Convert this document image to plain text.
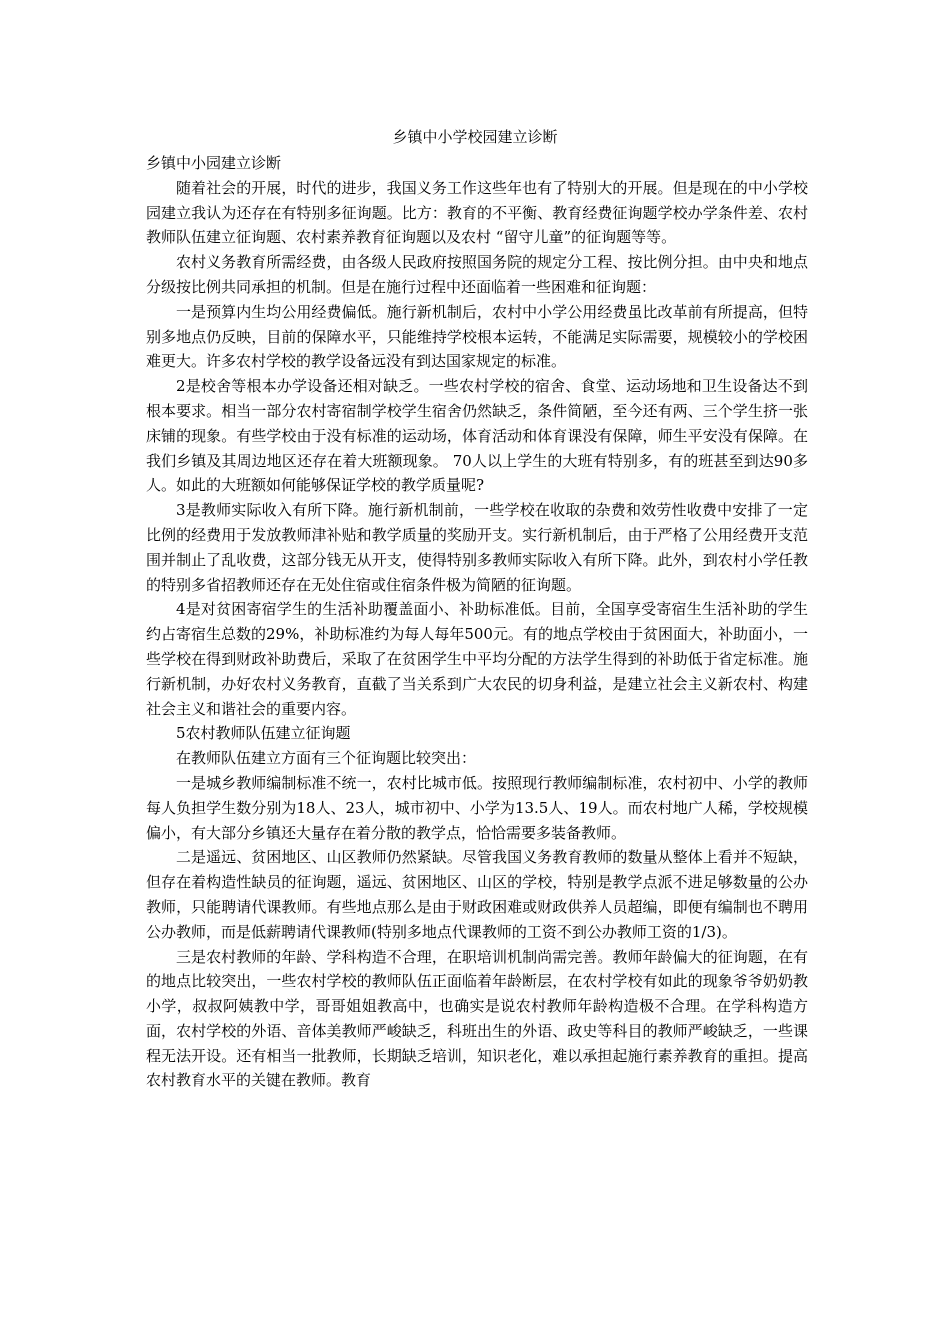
乡镇中小学校园建立诊断

乡镇中小园建立诊断

随着社会的开展，时代的进步，我国义务工作这些年也有了特别大的开展。但是现在的中小学校园建立我认为还存在有特别多征询题。比方：教育的不平衡、教育经费征询题学校办学条件差、农村教师队伍建立征询题、农村素养教育征询题以及农村 “留守儿童”的征询题等等。

农村义务教育所需经费，由各级人民政府按照国务院的规定分工程、按比例分担。由中央和地点分级按比例共同承担的机制。但是在施行过程中还面临着一些困难和征询题：

一是预算内生均公用经费偏低。施行新机制后，农村中小学公用经费虽比改革前有所提高，但特别多地点仍反映，目前的保障水平，只能维持学校根本运转，不能满足实际需要，规模较小的学校困难更大。许多农村学校的教学设备远没有到达国家规定的标准。

2是校舍等根本办学设备还相对缺乏。一些农村学校的宿舍、食堂、运动场地和卫生设备达不到根本要求。相当一部分农村寄宿制学校学生宿舍仍然缺乏，条件简陋，至今还有两、三个学生挤一张床铺的现象。有些学校由于没有标准的运动场，体育活动和体育课没有保障，师生平安没有保障。在我们乡镇及其周边地区还存在着大班额现象。 70人以上学生的大班有特别多，有的班甚至到达90多人。如此的大班额如何能够保证学校的教学质量呢?

3是教师实际收入有所下降。施行新机制前，一些学校在收取的杂费和效劳性收费中安排了一定比例的经费用于发放教师津补贴和教学质量的奖励开支。实行新机制后，由于严格了公用经费开支范围并制止了乱收费，这部分钱无从开支，使得特别多教师实际收入有所下降。此外，到农村小学任教的特别多省招教师还存在无处住宿或住宿条件极为简陋的征询题。

4是对贫困寄宿学生的生活补助覆盖面小、补助标准低。目前，全国享受寄宿生生活补助的学生约占寄宿生总数的29%，补助标准约为每人每年500元。有的地点学校由于贫困面大，补助面小，一些学校在得到财政补助费后，采取了在贫困学生中平均分配的方法学生得到的补助低于省定标准。施行新机制，办好农村义务教育，直截了当关系到广大农民的切身利益，是建立社会主义新农村、构建社会主义和谐社会的重要内容。

5农村教师队伍建立征询题

在教师队伍建立方面有三个征询题比较突出：

一是城乡教师编制标准不统一，农村比城市低。按照现行教师编制标准，农村初中、小学的教师每人负担学生数分别为18人、23人，城市初中、小学为13.5人、19人。而农村地广人稀，学校规模偏小，有大部分乡镇还大量存在着分散的教学点，恰恰需要多装备教师。

二是遥远、贫困地区、山区教师仍然紧缺。尽管我国义务教育教师的数量从整体上看并不短缺，但存在着构造性缺员的征询题，遥远、贫困地区、山区的学校，特别是教学点派不进足够数量的公办教师，只能聘请代课教师。有些地点那么是由于财政困难或财政供养人员超编，即便有编制也不聘用公办教师，而是低薪聘请代课教师(特别多地点代课教师的工资不到公办教师工资的1/3)。

三是农村教师的年龄、学科构造不合理，在职培训机制尚需完善。教师年龄偏大的征询题，在有的地点比较突出，一些农村学校的教师队伍正面临着年龄断层，在农村学校有如此的现象爷爷奶奶教小学，叔叔阿姨教中学，哥哥姐姐教高中，也确实是说农村教师年龄构造极不合理。在学科构造方面，农村学校的外语、音体美教师严峻缺乏，科班出生的外语、政史等科目的教师严峻缺乏，一些课程无法开设。还有相当一批教师，长期缺乏培训，知识老化，难以承担起施行素养教育的重担。提高农村教育水平的关键在教师。教育
